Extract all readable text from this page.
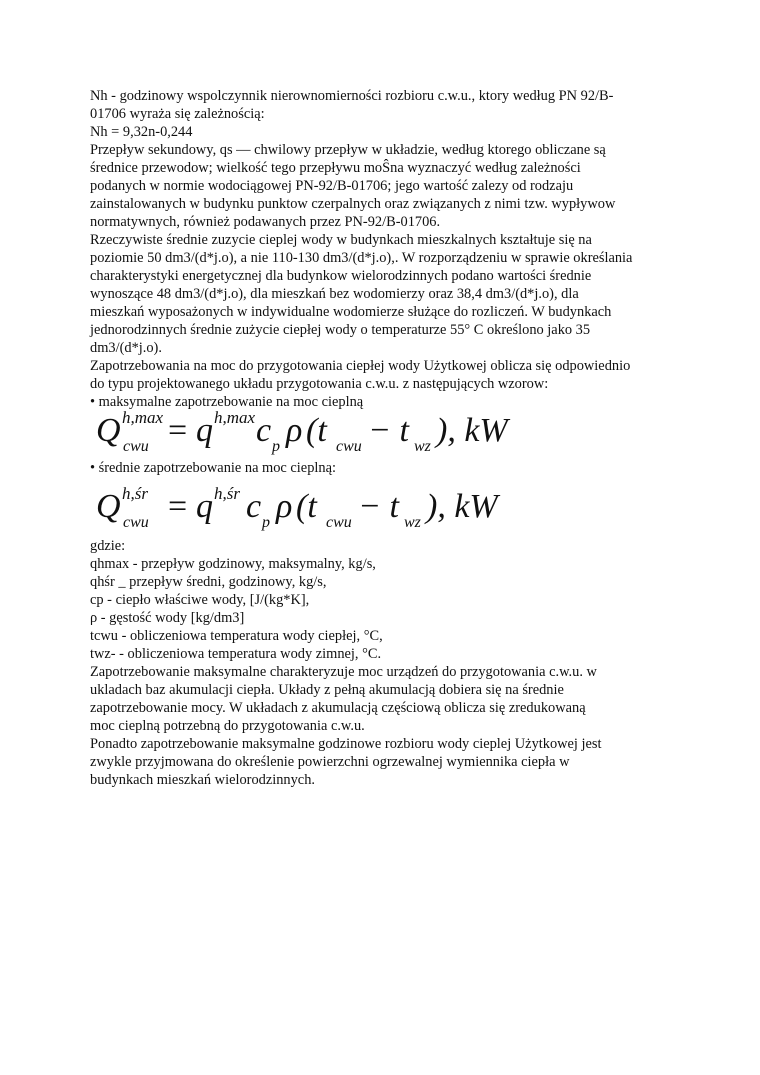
Nh - godzinowy wspolczynnik nierownomierności rozbioru c.w.u., ktory według PN 92/B-

01706 wyraża się zależnością:

Nh = 9,32n-0,244

Przepływ sekundowy, qs — chwilowy przepływ w układzie, według ktorego obliczane są

średnice przewodow; wielkość tego przepływu moŜna wyznaczyć według zależności

podanych w normie wodociągowej PN-92/B-01706; jego wartość zalezy od rodzaju

zainstalowanych w budynku punktow czerpalnych oraz związanych z nimi tzw. wypływow

normatywnych, również podawanych przez PN-92/B-01706.

Rzeczywiste średnie zuzycie cieplej wody w budynkach mieszkalnych kształtuje się na

poziomie 50 dm3/(d*j.o), a nie 110-130 dm3/(d*j.o),. W rozporządzeniu w sprawie określania

charakterystyki energetycznej dla budynkow wielorodzinnych podano wartości średnie

wynoszące 48 dm3/(d*j.o), dla mieszkań bez wodomierzy oraz 38,4 dm3/(d*j.o), dla

mieszkań wyposażonych w indywidualne wodomierze służące do rozliczeń. W budynkach

jednorodzinnych średnie zużycie ciepłej wody o temperaturze 55° C określono jako 35

dm3/(d*j.o).

Zapotrzebowania na moc do przygotowania ciepłej wody Użytkowej oblicza się odpowiednio

do typu projektowanego układu przygotowania c.w.u. z następujących wzorow:

• maksymalne zapotrzebowanie na moc cieplną

Q h,max
cwu = q h,max c p ρ (t cwu − t wz ), kW

• średnie zapotrzebowanie na moc cieplną:

Q h,śr
cwu = q h,śr c p ρ (t cwu − t wz ), kW

gdzie:

qhmax - przepływ godzinowy, maksymalny, kg/s,

qhśr _ przepływ średni, godzinowy, kg/s,

cp - ciepło właściwe wody, [J/(kg*K],

ρ - gęstość wody [kg/dm3]

tcwu - obliczeniowa temperatura wody ciepłej, °C,

twz- - obliczeniowa temperatura wody zimnej, °C.

Zapotrzebowanie maksymalne charakteryzuje moc urządzeń do przygotowania c.w.u. w

ukladach baz akumulacji ciepła. Układy z pełną akumulacją dobiera się na średnie

zapotrzebowanie mocy. W układach z akumulacją częściową oblicza się zredukowaną

moc cieplną potrzebną do przygotowania c.w.u.

Ponadto zapotrzebowanie maksymalne godzinowe rozbioru wody cieplej Użytkowej jest

zwykle przyjmowana do określenie powierzchni ogrzewalnej wymiennika ciepła w

budynkach mieszkań wielorodzinnych.
